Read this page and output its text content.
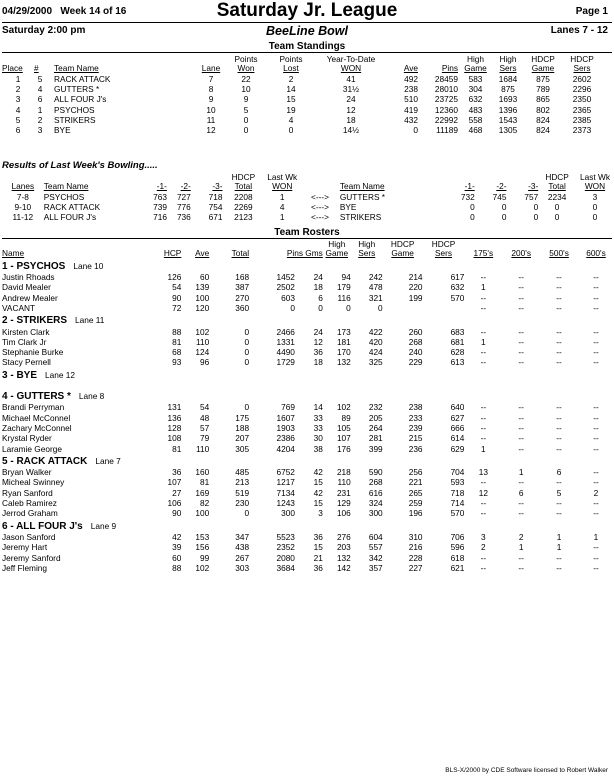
04/29/2000 Week 14 of 16	Saturday Jr. League	Page 1
Saturday 2:00 pm	BeeLine Bowl	Lanes 7 - 12
Team Standings
				Points	Points	Year-To-Date			High	High	HDCP	HDCP
Place	#	Team Name	Lane	Won	Lost	WON	Ave	Pins	Game	Sers	Game	Sers
1	5	RACK ATTACK	7	22	2	41	492	28459	583	1684	875	2602
2	4	GUTTERS *	8	10	14	31½	238	28010	304	875	789	2296
3	6	ALL FOUR J's	9	9	15	24	510	23725	632	1693	865	2350
4	1	PSYCHOS	10	5	19	12	419	12360	483	1396	802	2365
5	2	STRIKERS	11	0	4	18	432	22992	558	1543	824	2385
6	3	BYE	12	0	0	14½	0	11189	468	1305	824	2373
Results of Last Week's Bowling.....
					HDCP	Last Wk						HDCP	Last Wk
Lanes	Team Name	-1-	-2-	-3-	Total	WON		Team Name	-1-	-2-	-3-	Total	WON
7-8	PSYCHOS	763	727	718	2208	1	<--->	GUTTERS *	732	745	757	2234	3
9-10	RACK ATTACK	739	776	754	2269	4	<--->	BYE	0	0	0	0	0
11-12	ALL FOUR J's	716	736	671	2123	1	<--->	STRIKERS	0	0	0	0	0
Team Rosters
						High	High	HDCP	HDCP				
Name	HCP	Ave	Total	Pins Gms		Game	Sers	Game	Sers	175's	200's	500's	600's
1 - PSYCHOS Lane 10													
Justin Rhoads	126	60	168	1452	24	94	242	214	617	--	--	--	--
David Mealer	54	139	387	2502	18	179	478	220	632	1	--	--	--
Andrew Mealer	90	100	270	603	6	116	321	199	570	--	--	--	--
VACANT	72	120	360	0	0	0	0			--	--	--	--
2 - STRIKERS Lane 11													
Kirsten Clark	88	102	0	2466	24	173	422	260	683	--	--	--	--
Tim Clark Jr	81	110	0	1331	12	181	420	268	681	1	--	--	--
Stephanie Burke	68	124	0	4490	36	170	424	240	628	--	--	--	--
Stacy Pernell	93	96	0	1729	18	132	325	229	613	--	--	--	--
3 - BYE Lane 12													

4 - GUTTERS * Lane 8													
Brandi Perryman	131	54	0	769	14	102	232	238	640	--	--	--	--
Michael McConnel	136	48	175	1607	33	89	205	233	627	--	--	--	--
Zachary McConnel	128	57	188	1903	33	105	264	239	666	--	--	--	--
Krystal Ryder	108	79	207	2386	30	107	281	215	614	--	--	--	--
Laramie George	81	110	305	4204	38	176	399	236	629	1	--	--	--
5 - RACK ATTACK Lane 7													
Bryan Walker	36	160	485	6752	42	218	590	256	704	13	1	6	--
Micheal Swinney	107	81	213	1217	15	110	268	221	593	--	--	--	--
Ryan Sanford	27	169	519	7134	42	231	616	265	718	12	6	5	2
Caleb Ramirez	106	82	230	1243	15	129	324	259	714	--	--	--	--
Jerrod Graham	90	100	0	300	3	106	300	196	570	--	--	--	--
6 - ALL FOUR J's Lane 9													
Jason Sanford	42	153	347	5523	36	276	604	310	706	3	2	1	1
Jeremy Hart	39	156	438	2352	15	203	557	216	596	2	1	1	--
Jeremy Sanford	60	99	267	2080	21	132	342	228	618	--	--	--	--
Jeff Fleming	88	102	303	3684	36	142	357	227	621	--	--	--	--
BLS-X/2000 by CDE Software licensed to Robert Walker
